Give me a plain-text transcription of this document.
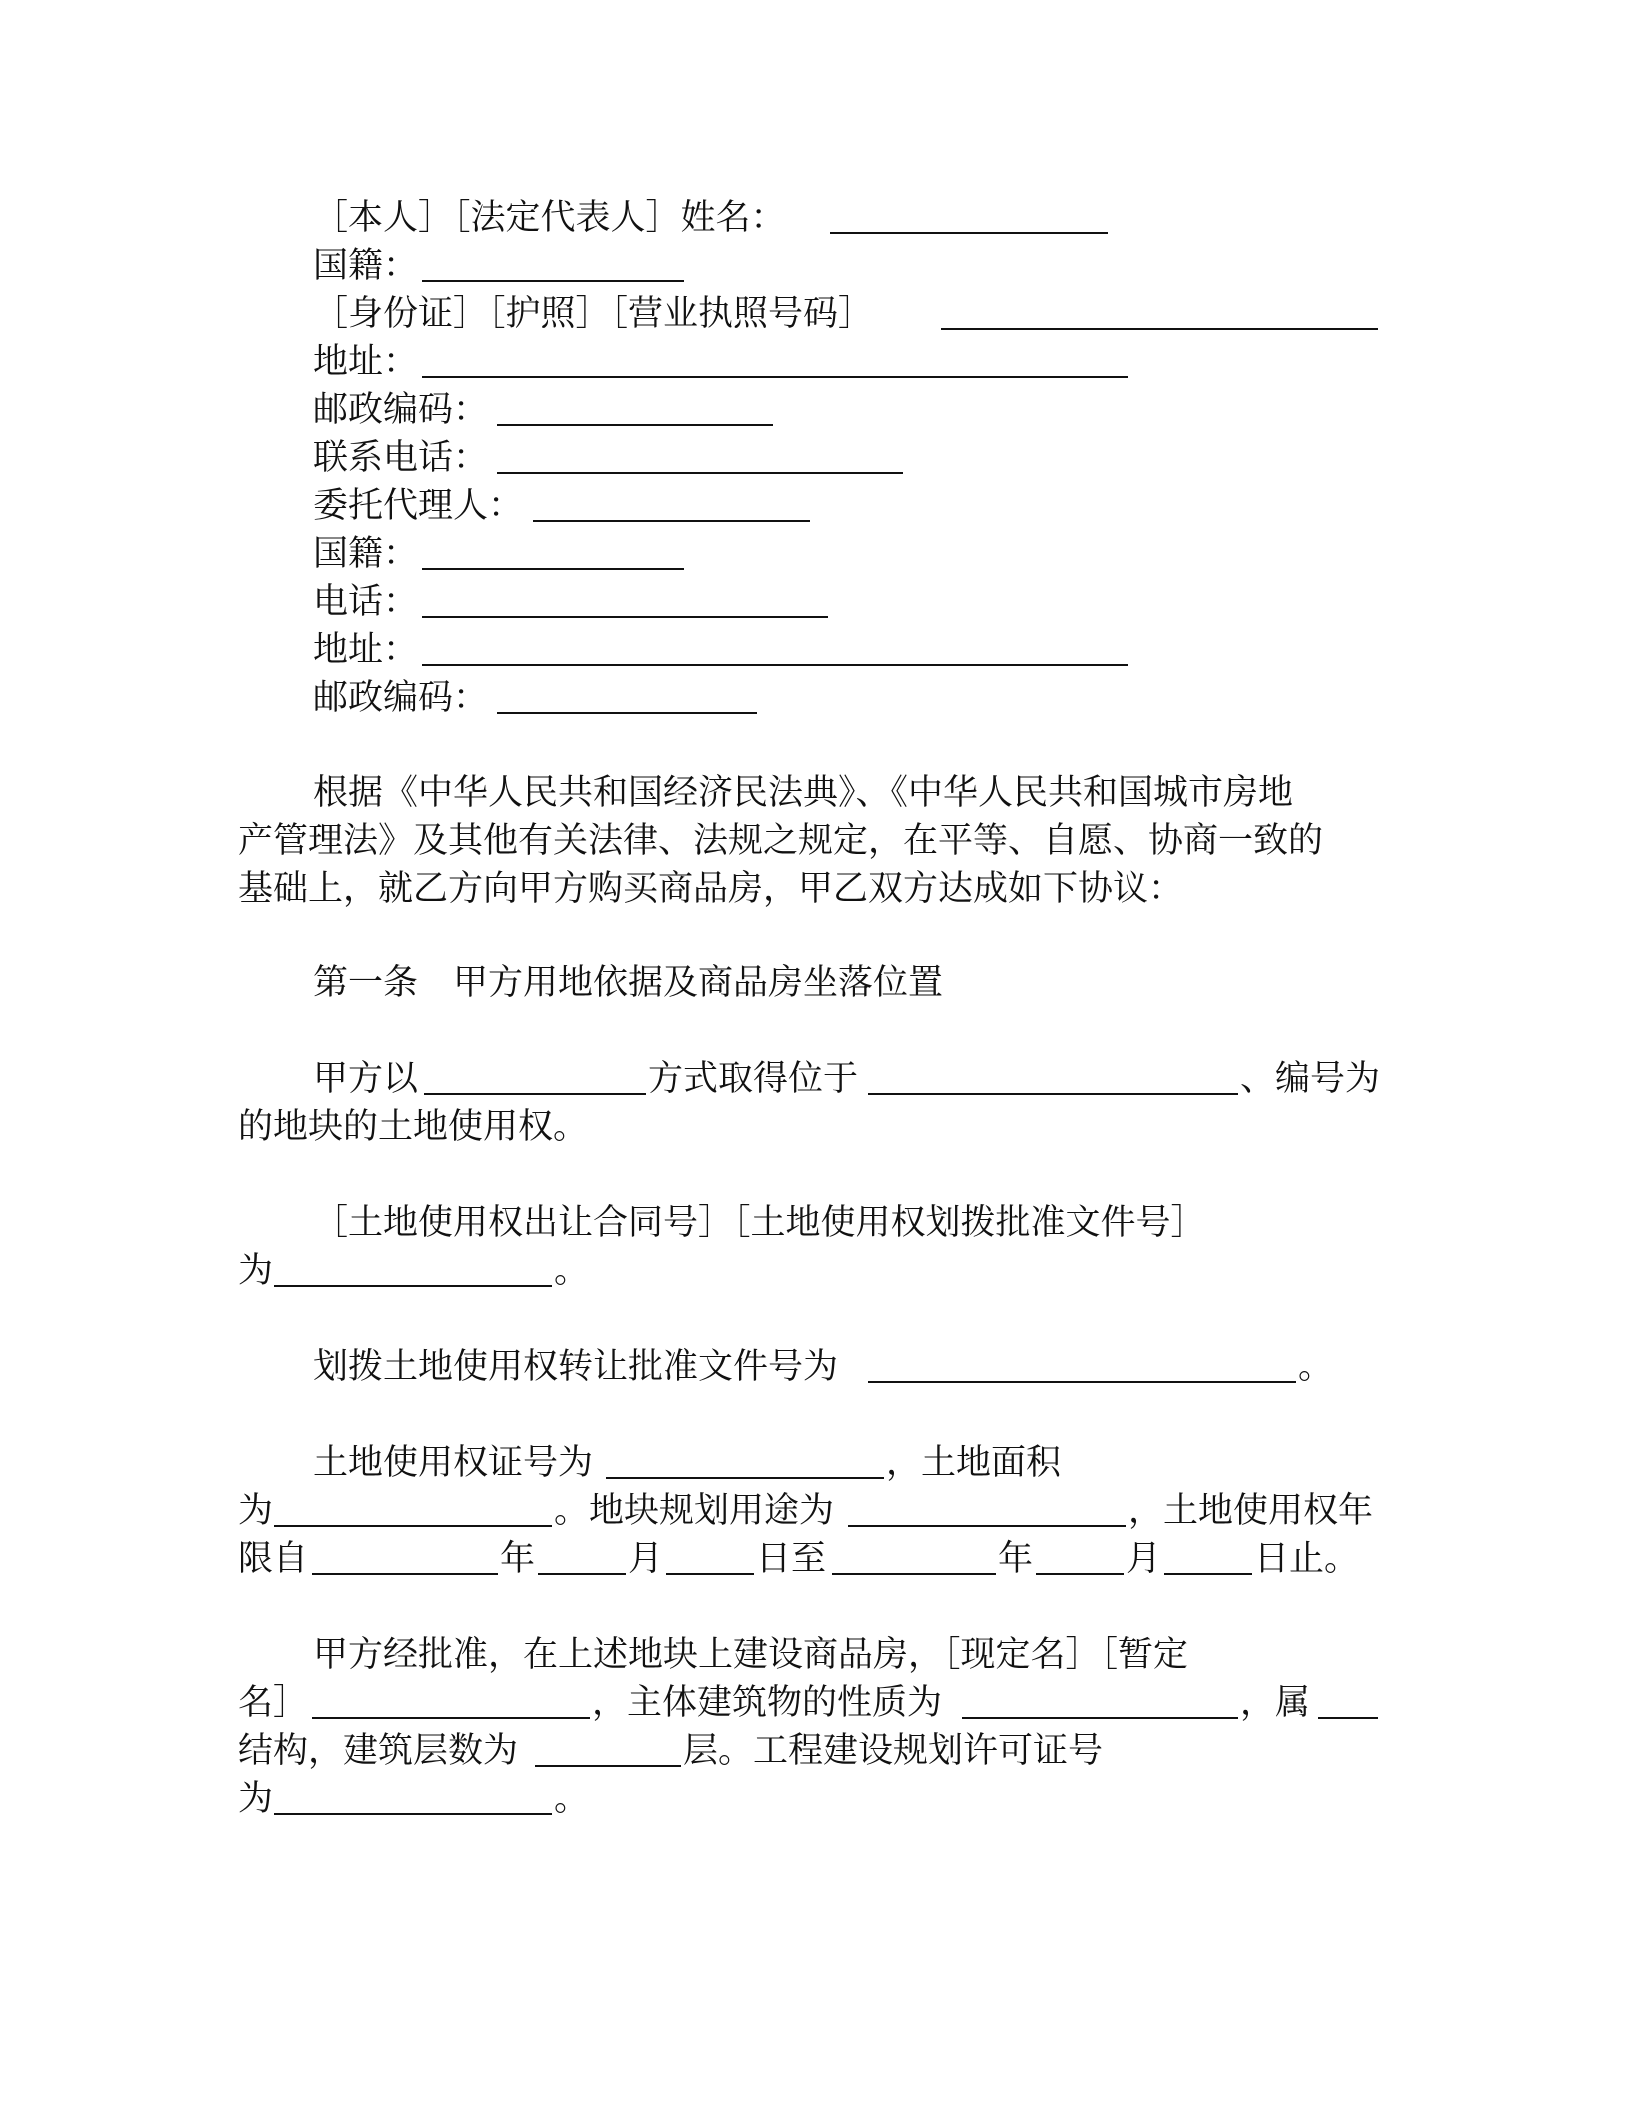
［本人］［法定代表人］姓名：
国籍：
［身份证］［护照］［营业执照号码］
地址：
邮政编码：
联系电话：
委托代理人：
国籍：
电话：
地址：
邮政编码：
根据《中华人民共和国经济民法典》、《中华人民共和国城市房地
产管理法》及其他有关法律、法规之规定，在平等、自愿、协商一致的
基础上，就乙方向甲方购买商品房，甲乙双方达成如下协议：
第一条　甲方用地依据及商品房坐落位置
甲方以	方式取得位于	、编号为
的地块的土地使用权。
［土地使用权出让合同号］［土地使用权划拨批准文件号］
为	。
划拨土地使用权转让批准文件号为	。
土地使用权证号为	，土地面积
为	。地块规划用途为	，土地使用权年
限自	年	月	日至	年	月	日止。
甲方经批准，在上述地块上建设商品房，［现定名］［暂定
名］	，主体建筑物的性质为	，属
结构，建筑层数为	层。工程建设规划许可证号
为	。
